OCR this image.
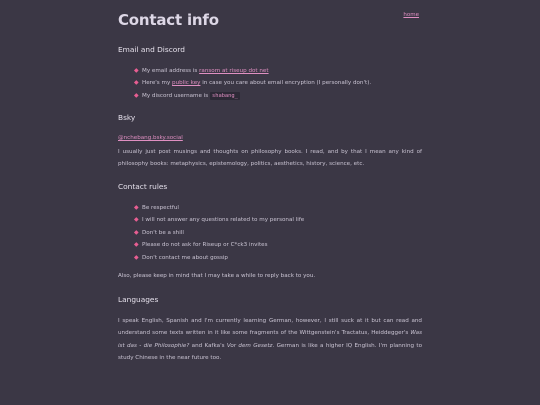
Contact info	home
Email and Discord
◆ My email address is ransom at riseup dot net
◆ Here's my public key in case you care about email encryption (I personally don't).
◆ My discord username is shabang_
Bsky

@nchebang.bsky.social

I usually just post musings and thoughts on philosophy books. I read, and by that I mean any kind of philosophy books: metaphysics, epistemology, politics, aesthetics, history, science, etc.

Contact rules
◆ Be respectful
◆ I will not answer any questions related to my personal life
◆ Don't be a shill
◆ Please do not ask for Riseup or C*ck3 invites
◆ Don't contact me about gossip

Also, please keep in mind that I may take a while to reply back to you.

Languages

I speak English, Spanish and I'm currently learning German, however, I still suck at it but can read and understand some texts written in it like some fragments of the Wittgenstein's Tractatus, Heiddegger's Was ist das - die Philosophie? and Kafka's Vor dem Gesetz. German is like a higher IQ English. I'm planning to study Chinese in the near future too.
